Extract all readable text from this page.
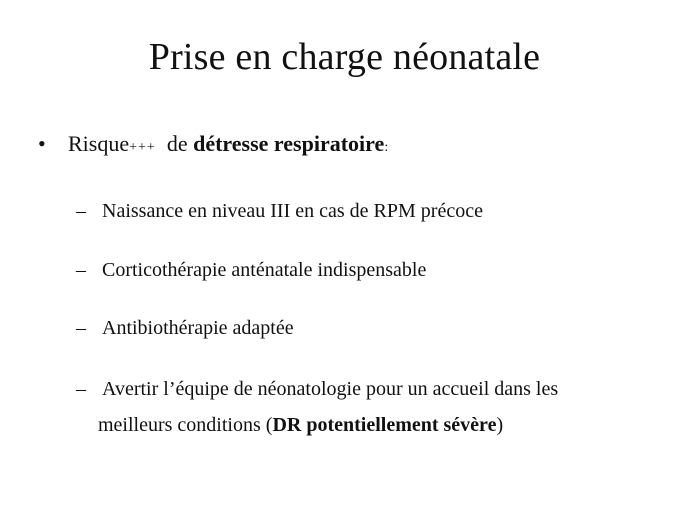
Prise en charge néonatale
• Risque+++ de détresse respiratoire:
– Naissance en niveau III en cas de RPM précoce
– Corticothérapie anténatale indispensable
– Antibiothérapie adaptée
– Avertir l’équipe de néonatologie pour un accueil dans les
meilleurs conditions (DR potentiellement sévère)
